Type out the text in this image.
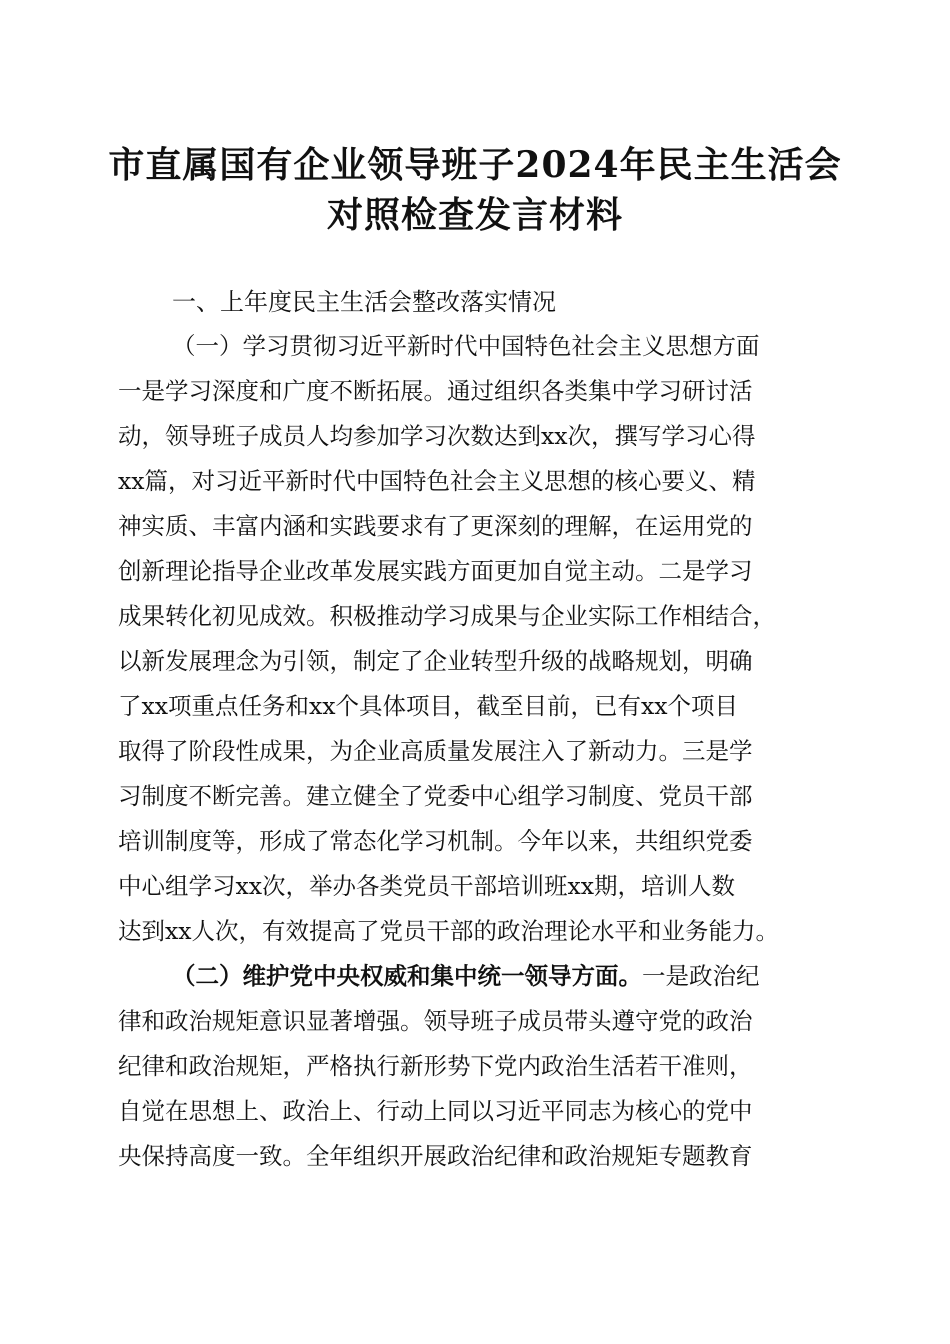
市直属国有企业领导班子2024年民主生活会
对照检查发言材料
一、上年度民主生活会整改落实情况
（一）学习贯彻习近平新时代中国特色社会主义思想方面
一是学习深度和广度不断拓展。通过组织各类集中学习研讨活
动，领导班子成员人均参加学习次数达到xx次，撰写学习心得
xx篇，对习近平新时代中国特色社会主义思想的核心要义、精
神实质、丰富内涵和实践要求有了更深刻的理解，在运用党的
创新理论指导企业改革发展实践方面更加自觉主动。二是学习
成果转化初见成效。积极推动学习成果与企业实际工作相结合，
以新发展理念为引领，制定了企业转型升级的战略规划，明确
了xx项重点任务和xx个具体项目，截至目前，已有xx个项目
取得了阶段性成果，为企业高质量发展注入了新动力。三是学
习制度不断完善。建立健全了党委中心组学习制度、党员干部
培训制度等，形成了常态化学习机制。今年以来，共组织党委
中心组学习xx次，举办各类党员干部培训班xx期，培训人数
达到xx人次，有效提高了党员干部的政治理论水平和业务能力。
（二）维护党中央权威和集中统一领导方面。一是政治纪
律和政治规矩意识显著增强。领导班子成员带头遵守党的政治
纪律和政治规矩，严格执行新形势下党内政治生活若干准则，
自觉在思想上、政治上、行动上同以习近平同志为核心的党中
央保持高度一致。全年组织开展政治纪律和政治规矩专题教育
